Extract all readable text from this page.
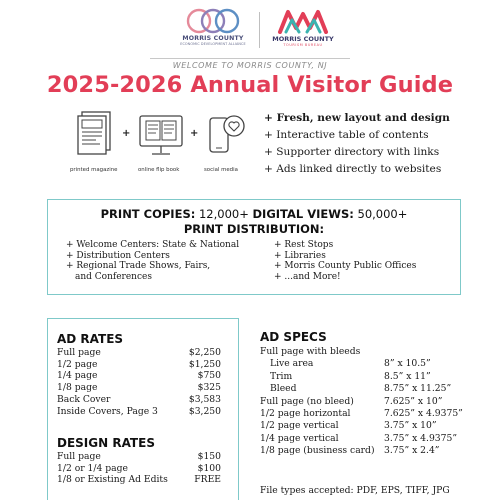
MORRIS COUNTY
ECONOMIC DEVELOPMENT ALLIANCE
MORRIS COUNTY
TOURISM BUREAU
WELCOME TO MORRIS COUNTY, NJ
2025-2026 Annual Visitor Guide
printed magazine
+
online flip book
+
social media
+ Fresh, new layout and design
+ Interactive table of contents
+ Supporter directory with links
+ Ads linked directly to websites
PRINT COPIES: 12,000+ DIGITAL VIEWS: 50,000+
PRINT DISTRIBUTION:
+ Welcome Centers: State & National
+ Distribution Centers
+ Regional Trade Shows, Fairs,
and Conferences
+ Rest Stops
+ Libraries
+ Morris County Public Offices
+ ...and More!
AD RATES
Full page	$2,250
1/2 page	$1,250
1/4 page	$750
1/8 page	$325
Back Cover	$3,583
Inside Covers, Page 3	$3,250
DESIGN RATES
Full page	$150
1/2 or 1/4 page	$100
1/8 or Existing Ad Edits	FREE
AD SPECS
Full page with bleeds
Live area	8” x 10.5”
Trim	8.5” x 11”
Bleed	8.75” x 11.25”
Full page (no bleed)	7.625” x 10”
1/2 page horizontal	7.625” x 4.9375”
1/2 page vertical	3.75” x 10”
1/4 page vertical	3.75” x 4.9375”
1/8 page (business card) 3.75” x 2.4”
File types accepted: PDF, EPS, TIFF, JPG
